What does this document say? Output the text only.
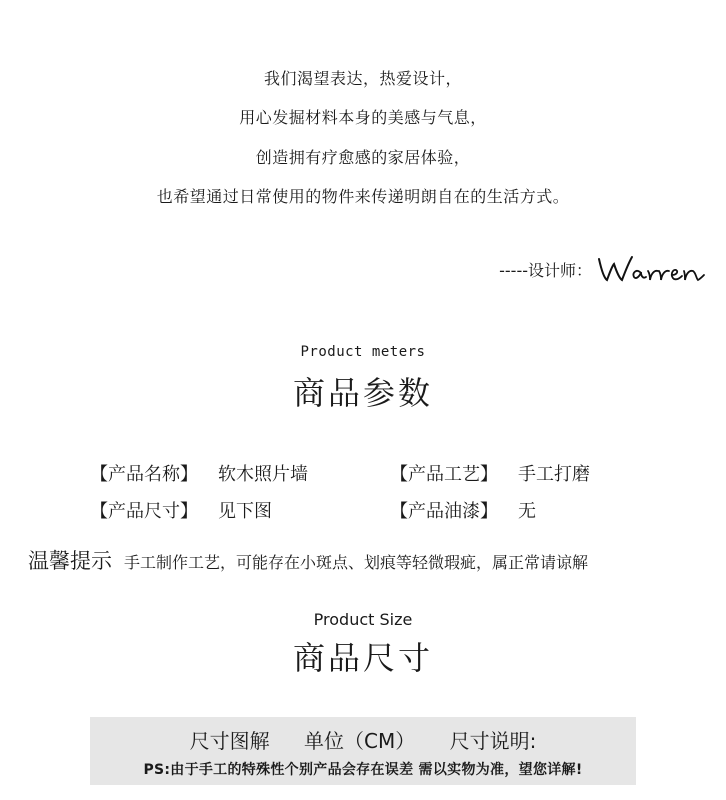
我们渴望表达，热爱设计，
用心发掘材料本身的美感与气息，
创造拥有疗愈感的家居体验，
也希望通过日常使用的物件来传递明朗自在的生活方式。
-----设计师：
Product meters
商品参数
【产品名称】 软木照片墙	【产品工艺】 手工打磨
【产品尺寸】 见下图	【产品油漆】 无
温馨提示 手工制作工艺，可能存在小斑点、划痕等轻微瑕疵，属正常请谅解
Product Size
商品尺寸
尺寸图解 单位（CM） 尺寸说明:
PS:由于手工的特殊性个别产品会存在误差 需以实物为准，望您详解!
